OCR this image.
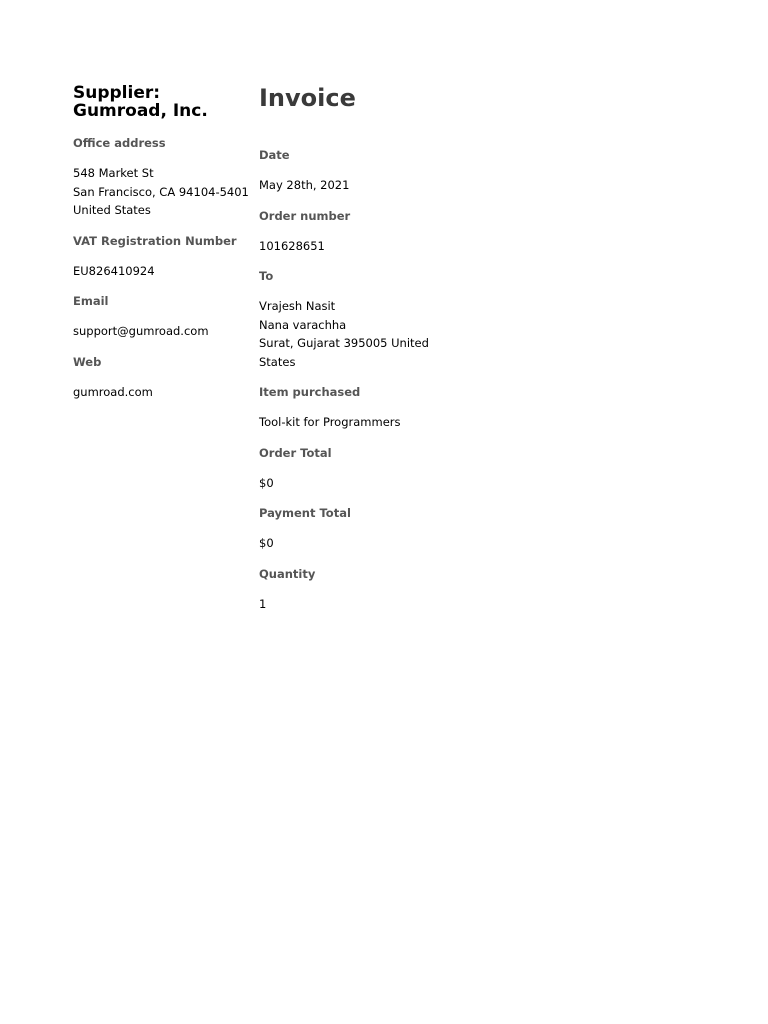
Supplier:
Gumroad, Inc.
Office address
548 Market St
San Francisco, CA 94104-5401
United States
VAT Registration Number
EU826410924
Email
support@gumroad.com
Web
gumroad.com
Invoice
Date
May 28th, 2021
Order number
101628651
To
Vrajesh Nasit
Nana varachha
Surat, Gujarat 395005 United
States
Item purchased
Tool-kit for Programmers
Order Total
$0
Payment Total
$0
Quantity
1
